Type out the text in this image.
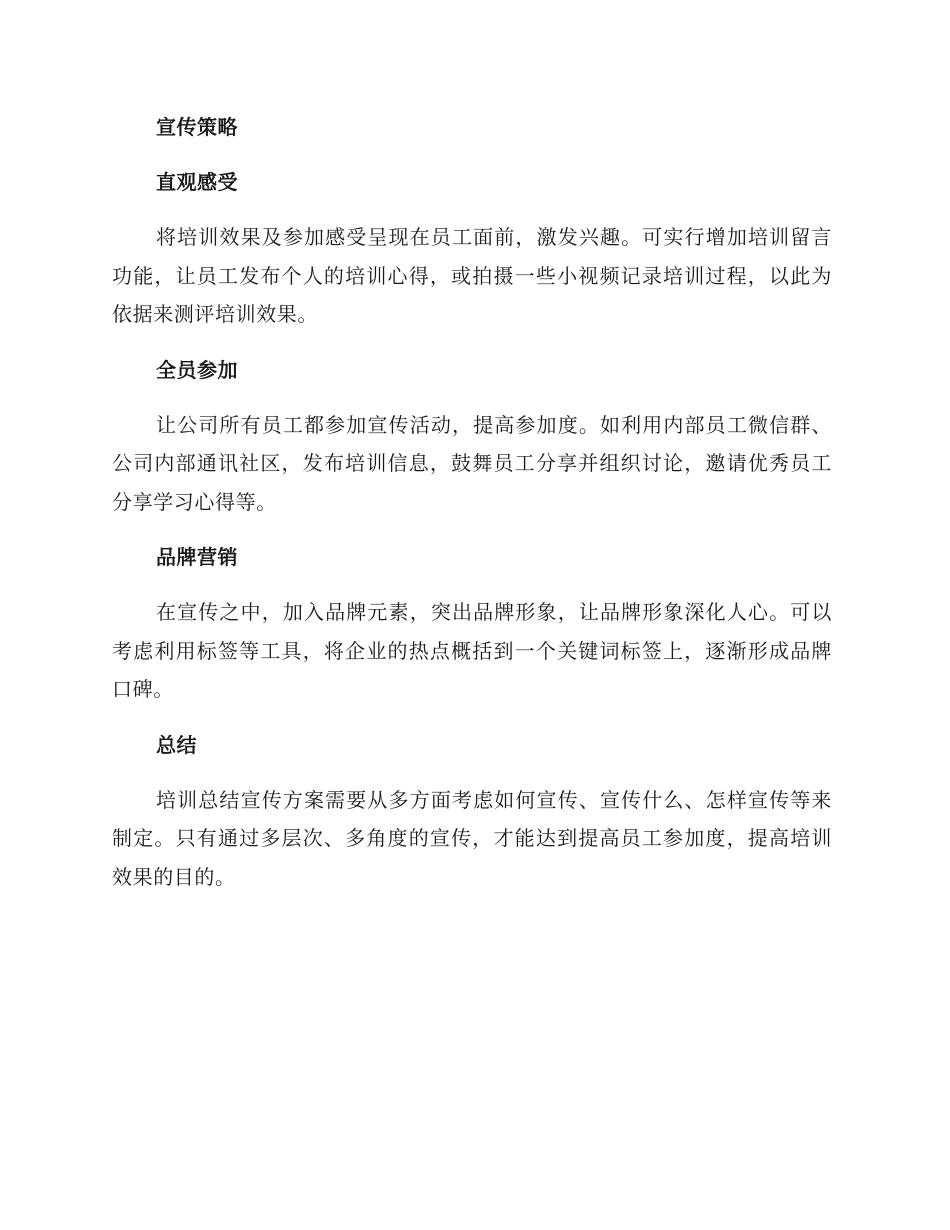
宣传策略
直观感受

将培训效果及参加感受呈现在员工面前，激发兴趣。可实行增加培训留言功能，让员工发布个人的培训心得，或拍摄一些小视频记录培训过程，以此为依据来测评培训效果。

全员参加

让公司所有员工都参加宣传活动，提高参加度。如利用内部员工微信群、公司内部通讯社区，发布培训信息，鼓舞员工分享并组织讨论，邀请优秀员工分享学习心得等。

品牌营销

在宣传之中，加入品牌元素，突出品牌形象，让品牌形象深化人心。可以考虑利用标签等工具，将企业的热点概括到一个关键词标签上，逐渐形成品牌口碑。

总结

培训总结宣传方案需要从多方面考虑如何宣传、宣传什么、怎样宣传等来制定。只有通过多层次、多角度的宣传，才能达到提高员工参加度，提高培训效果的目的。
